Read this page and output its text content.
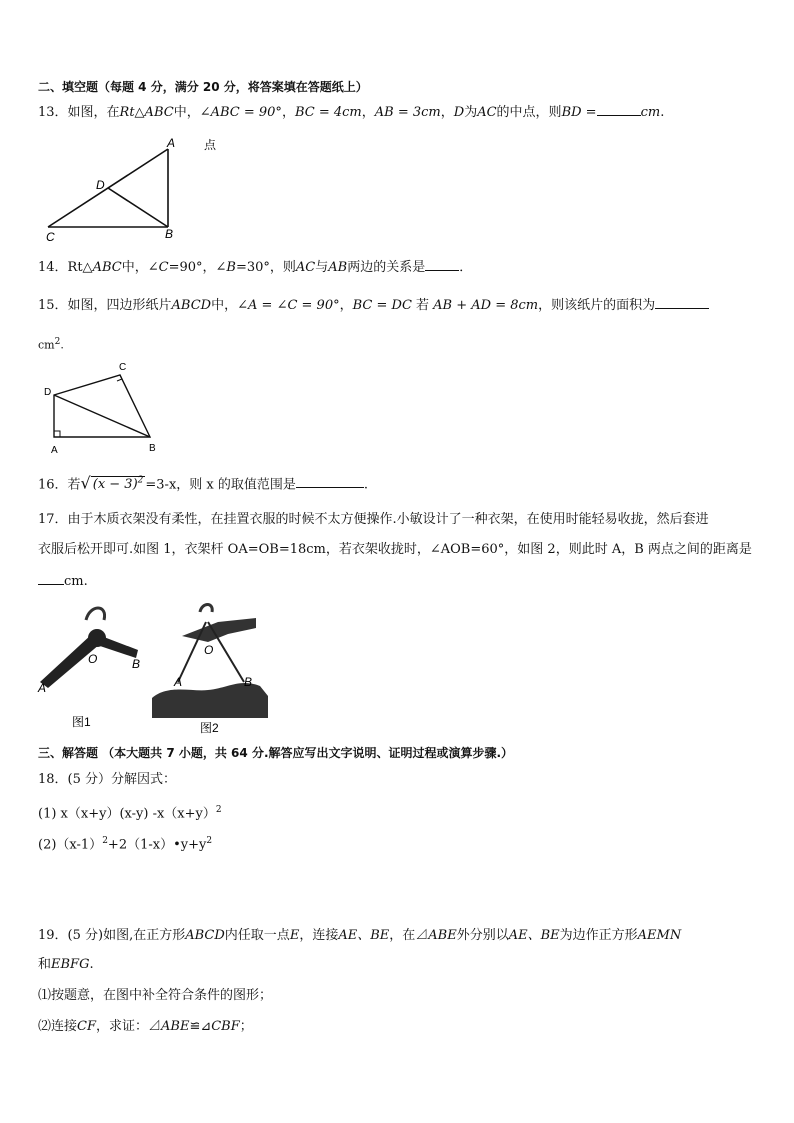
二、填空题（每题 4 分，满分 20 分，将答案填在答题纸上）
13．如图，在Rt△ABC中，∠ABC = 90°，BC = 4cm，AB = 3cm，D为AC的中点，则BD =	cm.
A
B
C
D
点
14．Rt△ABC中，∠C=90°，∠B=30°，则AC与AB两边的关系是	．
15．如图，四边形纸片ABCD中，∠A = ∠C = 90°，BC = DC 若 AB + AD = 8cm，则该纸片的面积为
$cm^2$.
D
C
A	B
16．若√ $(x - 3)^2 =3-x$，则 x 的取值范围是	.
17．由于木质衣架没有柔性，在挂置衣服的时候不太方便操作.小敏设计了一种衣架，在使用时能轻易收拢，然后套进
衣服后松开即可.如图 1，衣架杆 OA=OB=18cm，若衣架收拢时，∠AOB=60°，如图 2，则此时 A，B 两点之间的距离是
cm.
O
A
B
图1
O
A	B
图2
三、解答题 （本大题共 7 小题，共 64 分.解答应写出文字说明、证明过程或演算步骤.）
18．(5 分）分解因式：
(1) x（x+y）(x-y) $-x(x+y)^2$
$(2)(x-1)^2+2(1-x)•y+y^2$
19．(5 分)如图,在正方形ABCD内任取一点E，连接AE、BE，在⊿ABE外分别以AE、BE为边作正方形AEMN
和EBFG.
⑴按题意，在图中补全符合条件的图形；
⑵连接CF，求证：⊿ABE≌⊿CBF；
